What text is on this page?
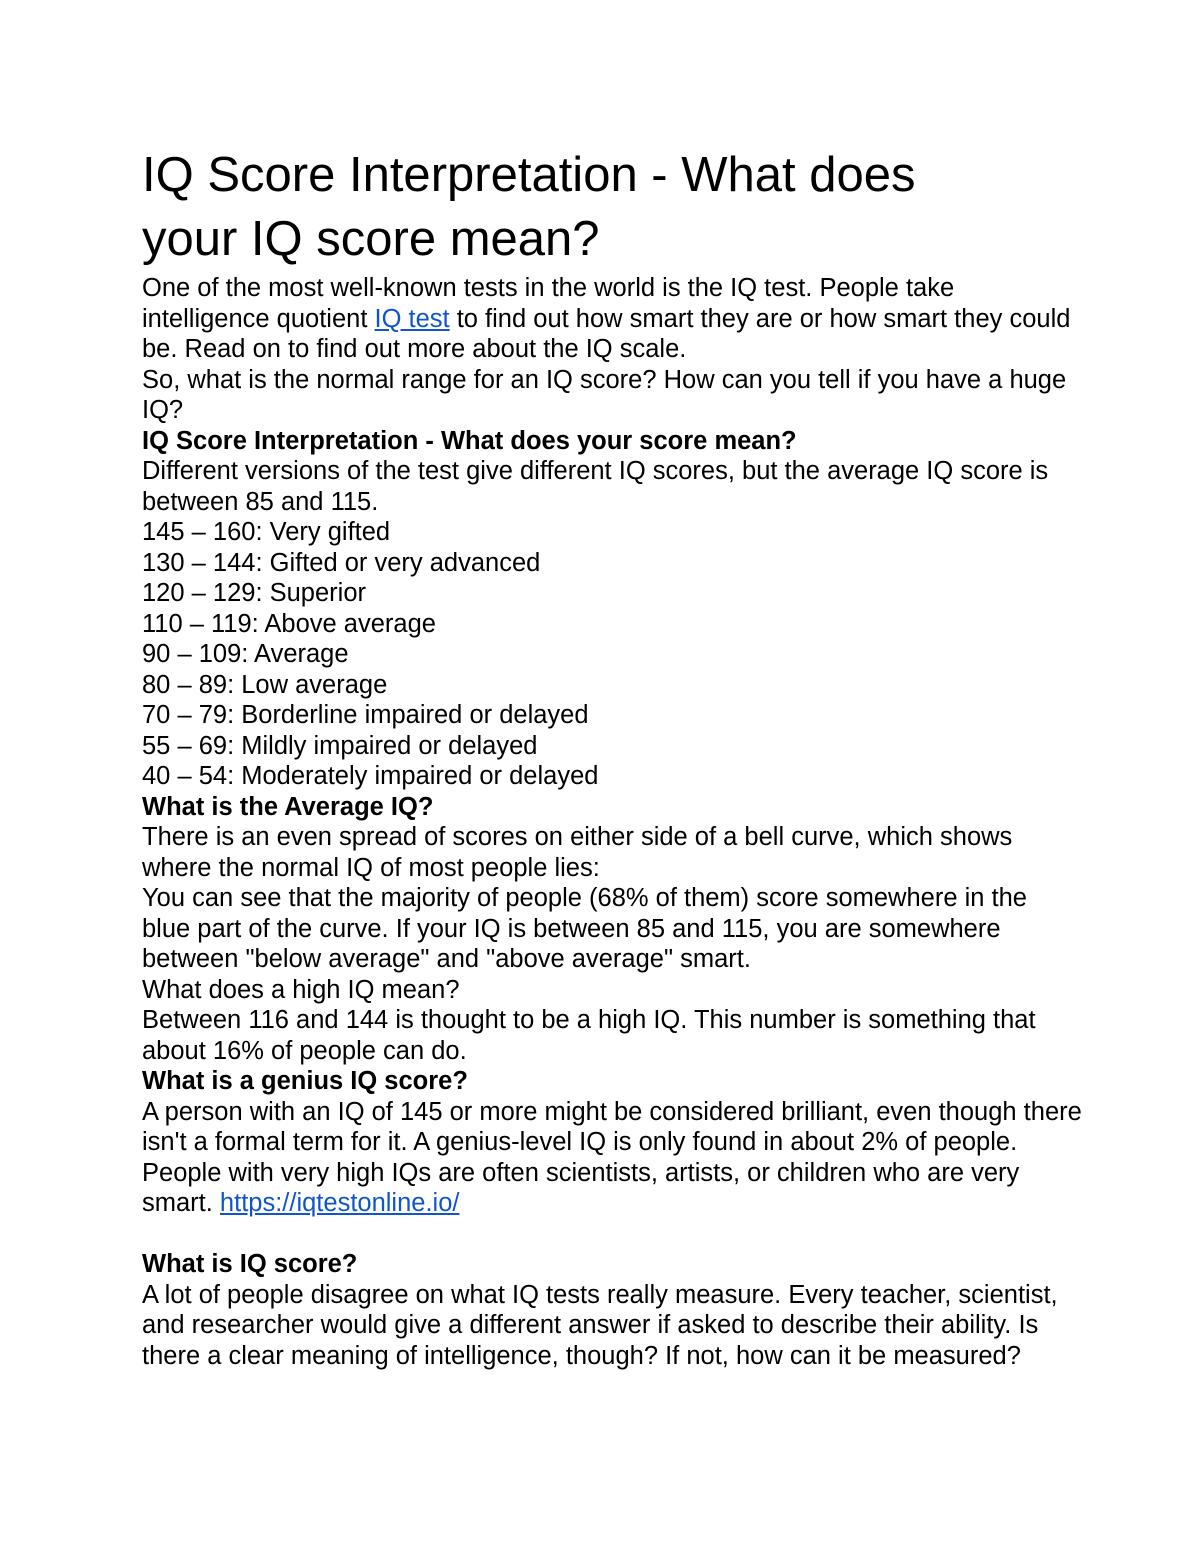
IQ Score Interpretation - What does
your IQ score mean?

One of the most well-known tests in the world is the IQ test. People take intelligence quotient IQ test to find out how smart they are or how smart they could be. Read on to find out more about the IQ scale.

So, what is the normal range for an IQ score? How can you tell if you have a huge IQ?

IQ Score Interpretation - What does your score mean?

Different versions of the test give different IQ scores, but the average IQ score is between 85 and 115.

145 – 160: Very gifted

130 – 144: Gifted or very advanced

120 – 129: Superior

110 – 119: Above average

90 – 109: Average

80 – 89: Low average

70 – 79: Borderline impaired or delayed

55 – 69: Mildly impaired or delayed

40 – 54: Moderately impaired or delayed

What is the Average IQ?

There is an even spread of scores on either side of a bell curve, which shows where the normal IQ of most people lies:

You can see that the majority of people (68% of them) score somewhere in the blue part of the curve. If your IQ is between 85 and 115, you are somewhere between "below average" and "above average" smart.

What does a high IQ mean?

Between 116 and 144 is thought to be a high IQ. This number is something that about 16% of people can do.

What is a genius IQ score?

A person with an IQ of 145 or more might be considered brilliant, even though there isn't a formal term for it. A genius-level IQ is only found in about 2% of people. People with very high IQs are often scientists, artists, or children who are very smart. https://iqtestonline.io/

What is IQ score?

A lot of people disagree on what IQ tests really measure. Every teacher, scientist, and researcher would give a different answer if asked to describe their ability. Is there a clear meaning of intelligence, though? If not, how can it be measured?
